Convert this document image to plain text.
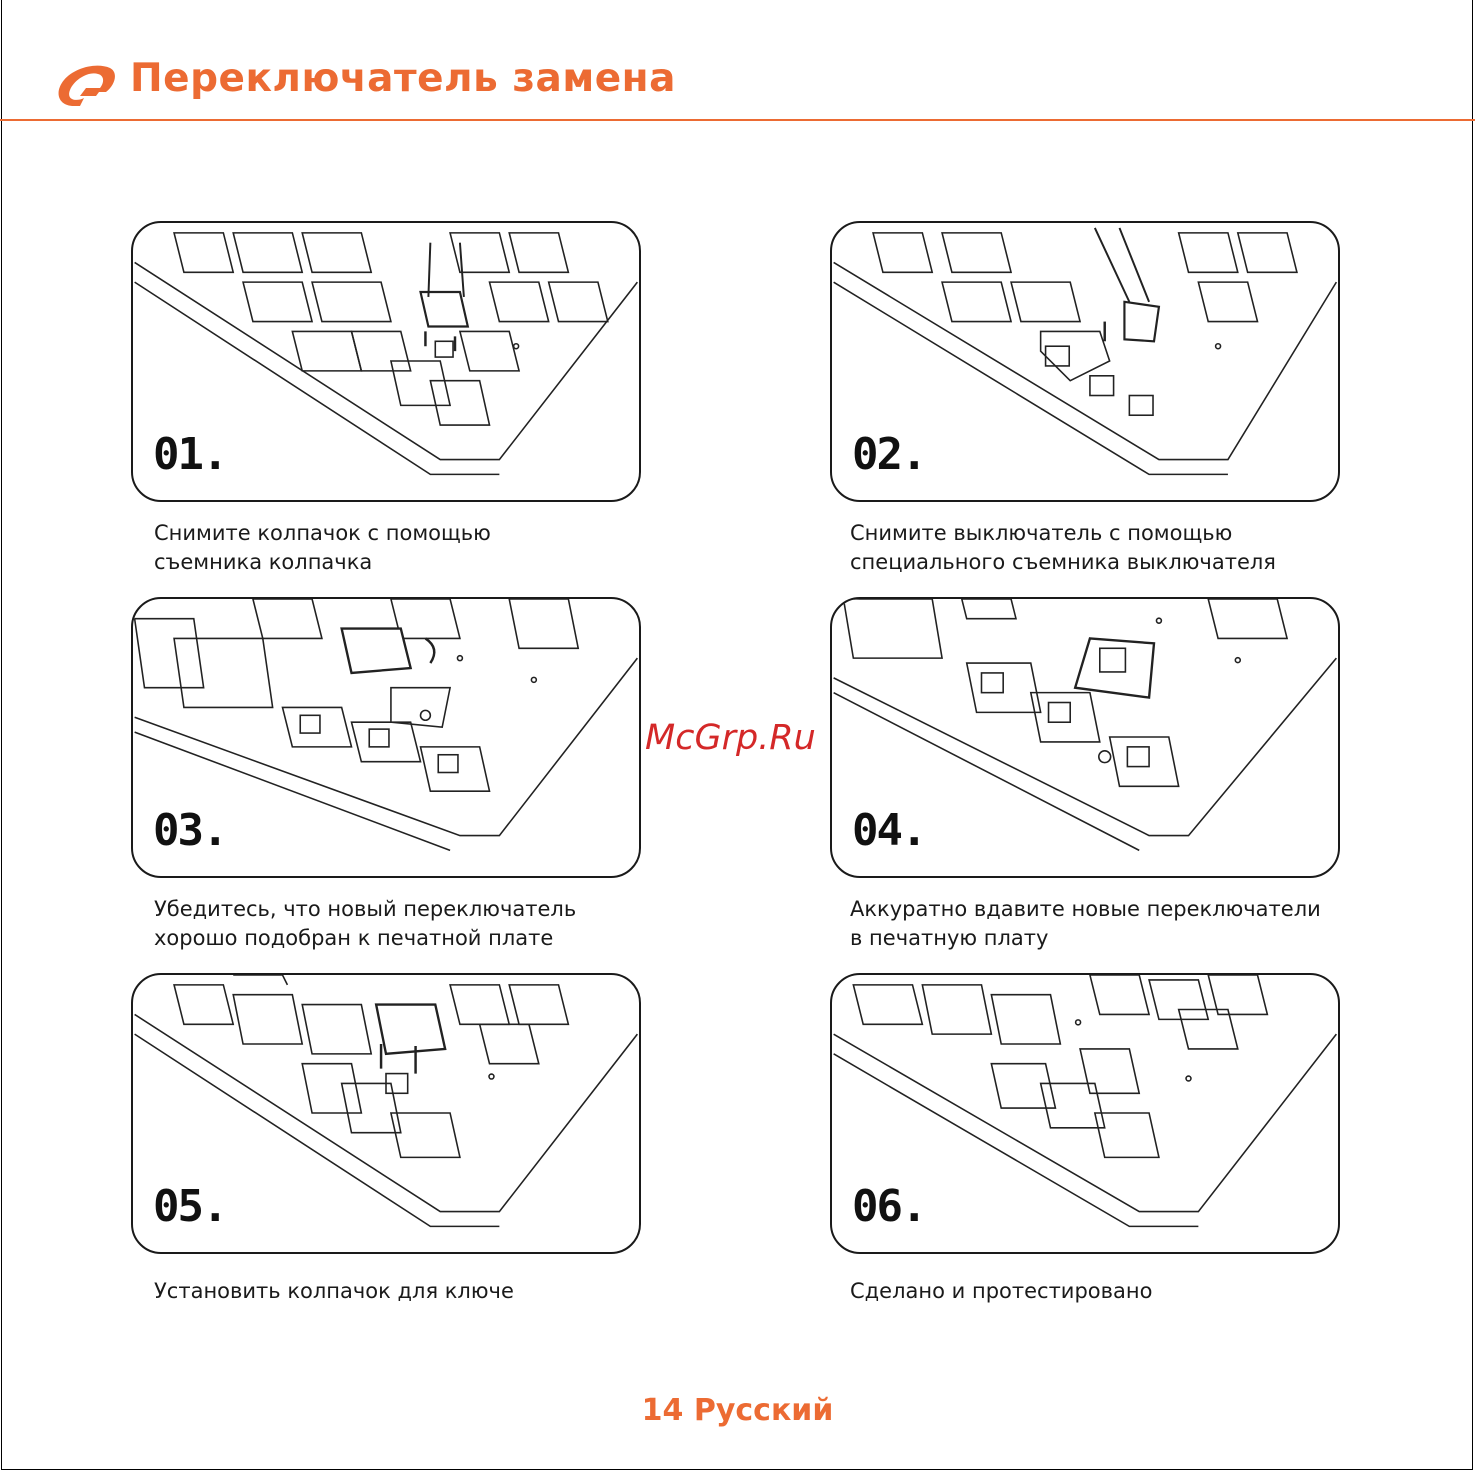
Переключатель замена
01.
Снимите колпачок с помощью
съемника колпачка
02.
Снимите выключатель с помощью
специального съемника выключателя
03.
Убедитесь, что новый переключатель
хорошо подобран к печатной плате
04.
Аккуратно вдавите новые переключатели
в печатную плату
05.
Установить колпачок для ключе
06.
Сделано и протестировано
McGrp.Ru
14 Русский
